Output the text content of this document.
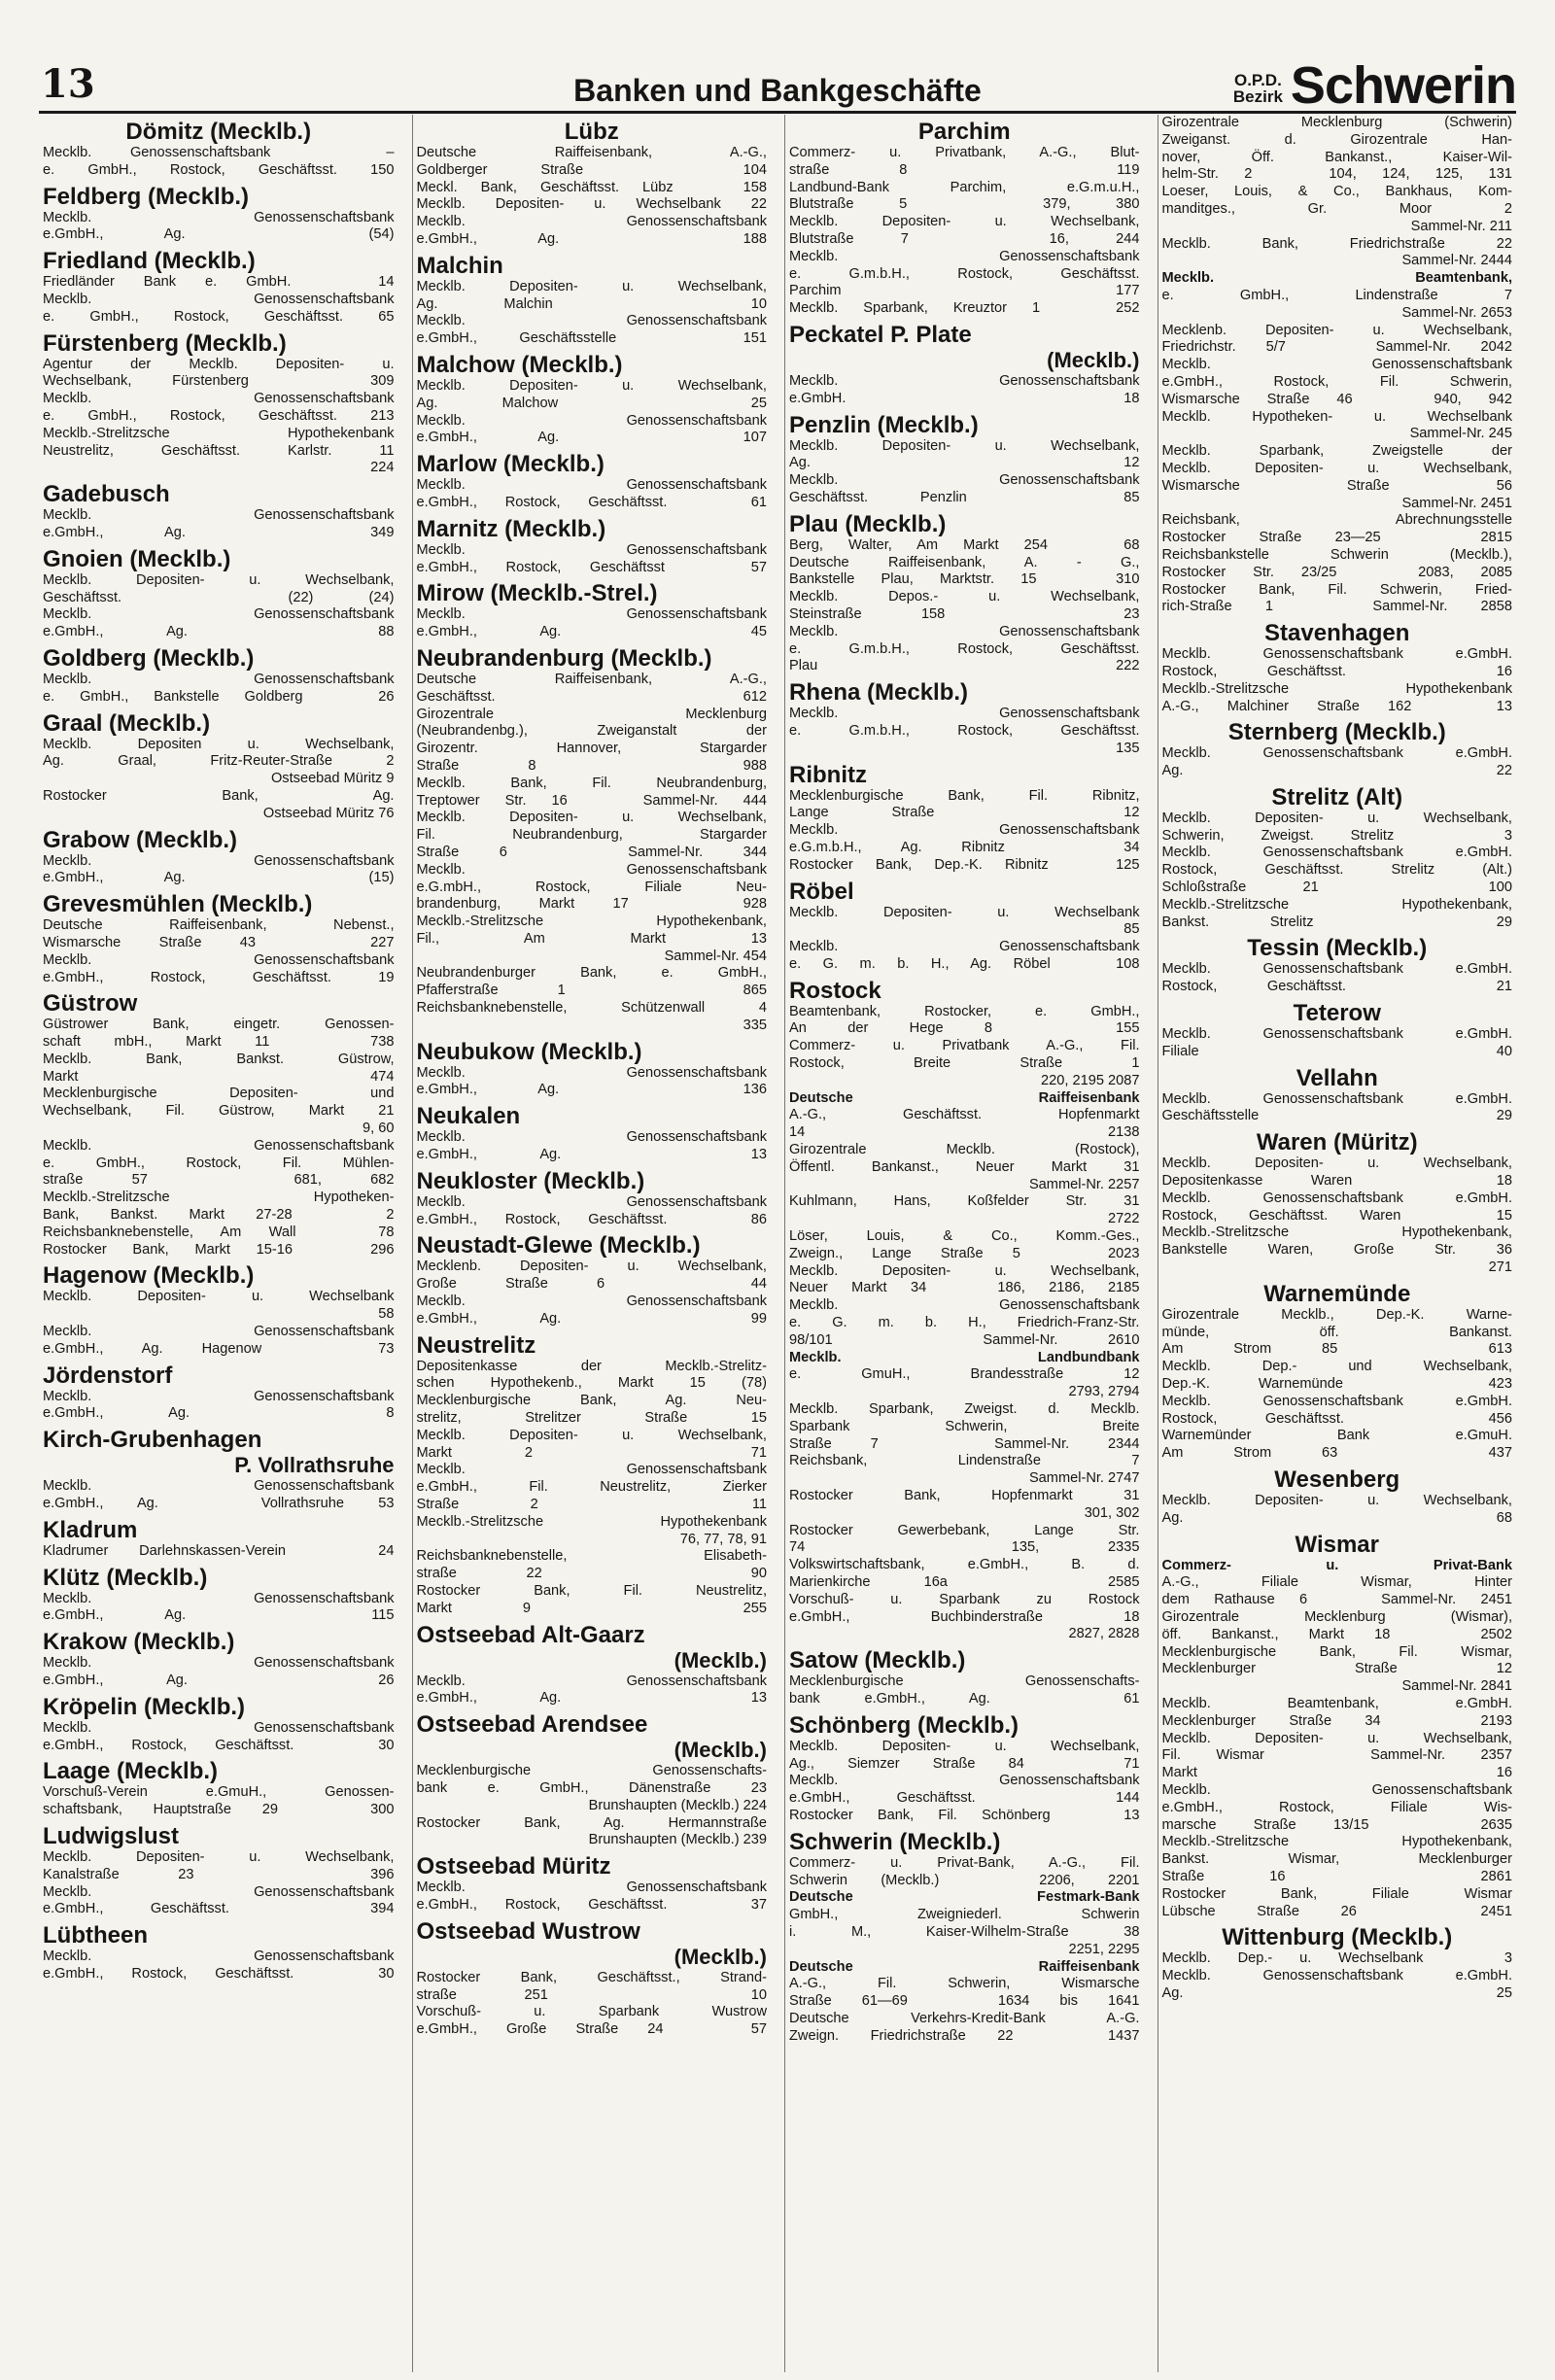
13	Banken und Bankgeschäfte	O.P.D.
Bezirk Schwerin
Dömitz (Mecklb.)
Mecklb. Genossenschaftsbank   –
e. GmbH., Rostock, Geschäftsst. 150
Feldberg (Mecklb.)
Mecklb. Genossenschaftsbank
e.GmbH., Ag.   (54)
Friedland (Mecklb.)
Friedländer Bank e. GmbH.   14
Mecklb. Genossenschaftsbank
e. GmbH., Rostock, Geschäftsst. 65
Fürstenberg (Mecklb.)
Agentur der Mecklb. Depositen- u.
Wechselbank, Fürstenberg   309
Mecklb. Genossenschaftsbank
e. GmbH., Rostock, Geschäftsst. 213
Mecklb.-Strelitzsche Hypothekenbank
Neustrelitz, Geschäftsst. Karlstr. 11
224
Gadebusch
Mecklb. Genossenschaftsbank
e.GmbH., Ag.   349
Gnoien (Mecklb.)
Mecklb. Depositen- u. Wechselbank,
Geschäftsst.   (22) (24)
Mecklb. Genossenschaftsbank
e.GmbH., Ag.   88
Goldberg (Mecklb.)
Mecklb. Genossenschaftsbank
e. GmbH., Bankstelle Goldberg   26
Graal (Mecklb.)
Mecklb. Depositen u. Wechselbank,
Ag. Graal, Fritz-Reuter-Straße 2
Ostseebad Müritz 9
Rostocker Bank, Ag.
Ostseebad Müritz 76
Grabow (Mecklb.)
Mecklb. Genossenschaftsbank
e.GmbH., Ag.   (15)
Grevesmühlen (Mecklb.)
Deutsche Raiffeisenbank, Nebenst.,
Wismarsche Straße 43   227
Mecklb. Genossenschaftsbank
e.GmbH., Rostock, Geschäftsst. 19
Güstrow
Güstrower Bank, eingetr. Genossen-
schaft mbH., Markt 11   738
Mecklb. Bank, Bankst. Güstrow,
Markt   474
Mecklenburgische Depositen- und
Wechselbank, Fil. Güstrow, Markt 21
9, 60
Mecklb. Genossenschaftsbank
e. GmbH., Rostock, Fil. Mühlen-
straße 57   681, 682
Mecklb.-Strelitzsche Hypotheken-
Bank, Bankst. Markt 27-28   2
Reichsbanknebenstelle, Am Wall   78
Rostocker Bank, Markt 15-16   296
Hagenow (Mecklb.)
Mecklb. Depositen- u. Wechselbank
58
Mecklb. Genossenschaftsbank
e.GmbH., Ag. Hagenow   73
Jördenstorf
Mecklb. Genossenschaftsbank
e.GmbH., Ag.   8
Kirch-Grubenhagen
P. Vollrathsruhe
Mecklb. Genossenschaftsbank
e.GmbH., Ag.   Vollrathsruhe 53
Kladrum
Kladrumer Darlehnskassen-Verein   24
Klütz (Mecklb.)
Mecklb. Genossenschaftsbank
e.GmbH., Ag.   115
Krakow (Mecklb.)
Mecklb. Genossenschaftsbank
e.GmbH., Ag.   26
Kröpelin (Mecklb.)
Mecklb. Genossenschaftsbank
e.GmbH., Rostock, Geschäftsst.   30
Laage (Mecklb.)
Vorschuß-Verein e.GmuH., Genossen-
schaftsbank, Hauptstraße 29   300
Ludwigslust
Mecklb. Depositen- u. Wechselbank,
Kanalstraße 23   396
Mecklb. Genossenschaftsbank
e.GmbH., Geschäftsst.   394
Lübtheen
Mecklb. Genossenschaftsbank
e.GmbH., Rostock, Geschäftsst.   30
Lübz
Deutsche Raiffeisenbank, A.-G.,
Goldberger Straße   104
Meckl. Bank, Geschäftsst. Lübz   158
Mecklb. Depositen- u. Wechselbank 22
Mecklb. Genossenschaftsbank
e.GmbH., Ag.   188
Malchin
Mecklb. Depositen- u. Wechselbank,
Ag. Malchin   10
Mecklb. Genossenschaftsbank
e.GmbH., Geschäftsstelle   151
Malchow (Mecklb.)
Mecklb. Depositen- u. Wechselbank,
Ag. Malchow   25
Mecklb. Genossenschaftsbank
e.GmbH., Ag.   107
Marlow (Mecklb.)
Mecklb. Genossenschaftsbank
e.GmbH., Rostock, Geschäftsst.   61
Marnitz (Mecklb.)
Mecklb. Genossenschaftsbank
e.GmbH., Rostock, Geschäftsst   57
Mirow (Mecklb.-Strel.)
Mecklb. Genossenschaftsbank
e.GmbH., Ag.   45
Neubrandenburg (Mecklb.)
Deutsche Raiffeisenbank, A.-G.,
Geschäftsst.   612
Girozentrale Mecklenburg
(Neubrandenbg.), Zweiganstalt der
Girozentr. Hannover, Stargarder
Straße 8   988
Mecklb. Bank, Fil. Neubrandenburg,
Treptower Str. 16   Sammel-Nr. 444
Mecklb. Depositen- u. Wechselbank,
Fil. Neubrandenburg, Stargarder
Straße 6   Sammel-Nr. 344
Mecklb. Genossenschaftsbank
e.G.mbH., Rostock, Filiale Neu-
brandenburg, Markt 17   928
Mecklb.-Strelitzsche Hypothekenbank,
Fil., Am Markt 13
Sammel-Nr. 454
Neubrandenburger Bank, e. GmbH.,
Pfafferstraße 1   865
Reichsbanknebenstelle, Schützenwall 4
335
Neubukow (Mecklb.)
Mecklb. Genossenschaftsbank
e.GmbH., Ag.   136
Neukalen
Mecklb. Genossenschaftsbank
e.GmbH., Ag.   13
Neukloster (Mecklb.)
Mecklb. Genossenschaftsbank
e.GmbH., Rostock, Geschäftsst.   86
Neustadt-Glewe (Mecklb.)
Mecklenb. Depositen- u. Wechselbank,
Große Straße 6   44
Mecklb. Genossenschaftsbank
e.GmbH., Ag.   99
Neustrelitz
Depositenkasse der Mecklb.-Strelitz-
schen Hypothekenb., Markt 15 (78)
Mecklenburgische Bank, Ag. Neu-
strelitz, Strelitzer Straße 15
Mecklb. Depositen- u. Wechselbank,
Markt 2   71
Mecklb. Genossenschaftsbank
e.GmbH., Fil. Neustrelitz, Zierker
Straße 2   11
Mecklb.-Strelitzsche Hypothekenbank
76, 77, 78, 91
Reichsbanknebenstelle, Elisabeth-
straße 22   90
Rostocker Bank, Fil. Neustrelitz,
Markt 9   255
Ostseebad Alt-Gaarz
(Mecklb.)
Mecklb. Genossenschaftsbank
e.GmbH., Ag.   13
Ostseebad Arendsee
(Mecklb.)
Mecklenburgische Genossenschafts-
bank e. GmbH., Dänenstraße 23
Brunshaupten (Mecklb.) 224
Rostocker Bank, Ag. Hermannstraße
Brunshaupten (Mecklb.) 239
Ostseebad Müritz
Mecklb. Genossenschaftsbank
e.GmbH., Rostock, Geschäftsst.   37
Ostseebad Wustrow
(Mecklb.)
Rostocker Bank, Geschäftsst., Strand-
straße 251   10
Vorschuß- u. Sparbank Wustrow
e.GmbH., Große Straße 24   57
Parchim
Commerz- u. Privatbank, A.-G., Blut-
straße 8   119
Landbund-Bank Parchim, e.G.m.u.H.,
Blutstraße 5   379, 380
Mecklb. Depositen- u. Wechselbank,
Blutstraße 7   16, 244
Mecklb. Genossenschaftsbank
e. G.m.b.H., Rostock, Geschäftsst.
Parchim   177
Mecklb. Sparbank, Kreuztor 1   252
Peckatel P. Plate
(Mecklb.)
Mecklb. Genossenschaftsbank
e.GmbH.   18
Penzlin (Mecklb.)
Mecklb. Depositen- u. Wechselbank,
Ag.   12
Mecklb. Genossenschaftsbank
Geschäftsst. Penzlin   85
Plau (Mecklb.)
Berg, Walter, Am Markt 254   68
Deutsche Raiffeisenbank, A. - G.,
Bankstelle Plau, Marktstr. 15   310
Mecklb. Depos.- u. Wechselbank,
Steinstraße 158   23
Mecklb. Genossenschaftsbank
e. G.m.b.H., Rostock, Geschäftsst.
Plau   222
Rhena (Mecklb.)
Mecklb. Genossenschaftsbank
e. G.m.b.H., Rostock, Geschäftsst.
135
Ribnitz
Mecklenburgische Bank, Fil. Ribnitz,
Lange Straße   12
Mecklb. Genossenschaftsbank
e.G.m.b.H., Ag. Ribnitz   34
Rostocker Bank, Dep.-K. Ribnitz   125
Röbel
Mecklb. Depositen- u. Wechselbank
85
Mecklb. Genossenschaftsbank
e. G. m. b. H., Ag. Röbel   108
Rostock
Beamtenbank, Rostocker, e. GmbH.,
An der Hege 8   155
Commerz- u. Privatbank A.-G., Fil.
Rostock, Breite Straße 1
220, 2195 2087
Deutsche Raiffeisenbank
A.-G., Geschäftsst. Hopfenmarkt
14   2138
Girozentrale Mecklb. (Rostock),
Öffentl. Bankanst., Neuer Markt 31
Sammel-Nr. 2257
Kuhlmann, Hans, Koßfelder Str. 31
2722
Löser, Louis, & Co., Komm.-Ges.,
Zweign., Lange Straße 5   2023
Mecklb. Depositen- u. Wechselbank,
Neuer Markt 34   186, 2186, 2185
Mecklb. Genossenschaftsbank
e. G. m. b. H., Friedrich-Franz-Str.
98/101   Sammel-Nr. 2610
Mecklb. Landbundbank
e. GmuH., Brandesstraße 12
2793, 2794
Mecklb. Sparbank, Zweigst. d. Mecklb.
Sparbank Schwerin, Breite
Straße 7   Sammel-Nr. 2344
Reichsbank, Lindenstraße 7
Sammel-Nr. 2747
Rostocker Bank, Hopfenmarkt 31
301, 302
Rostocker Gewerbebank, Lange Str.
74   135, 2335
Volkswirtschaftsbank, e.GmbH., B. d.
Marienkirche 16a   2585
Vorschuß- u. Sparbank zu Rostock
e.GmbH., Buchbinderstraße 18
2827, 2828
Satow (Mecklb.)
Mecklenburgische Genossenschafts-
bank e.GmbH., Ag.   61
Schönberg (Mecklb.)
Mecklb. Depositen- u. Wechselbank,
Ag., Siemzer Straße 84   71
Mecklb. Genossenschaftsbank
e.GmbH., Geschäftsst.   144
Rostocker Bank, Fil. Schönberg   13
Schwerin (Mecklb.)
Commerz- u. Privat-Bank, A.-G., Fil.
Schwerin (Mecklb.)   2206, 2201
Deutsche Festmark-Bank
GmbH., Zweigniederl. Schwerin
i. M., Kaiser-Wilhelm-Straße 38
2251, 2295
Deutsche Raiffeisenbank
A.-G., Fil. Schwerin, Wismarsche
Straße 61—69   1634 bis 1641
Deutsche Verkehrs-Kredit-Bank A.-G.
Zweign. Friedrichstraße 22   1437
Girozentrale Mecklenburg (Schwerin)
Zweiganst. d. Girozentrale Han-
nover, Öff. Bankanst., Kaiser-Wil-
helm-Str. 2   104, 124, 125, 131
Loeser, Louis, & Co., Bankhaus, Kom-
manditges., Gr. Moor 2
Sammel-Nr. 211
Mecklb. Bank, Friedrichstraße 22
Sammel-Nr. 2444
Mecklb. Beamtenbank,
e. GmbH., Lindenstraße 7
Sammel-Nr. 2653
Mecklenb. Depositen- u. Wechselbank,
Friedrichstr. 5/7   Sammel-Nr. 2042
Mecklb. Genossenschaftsbank
e.GmbH., Rostock, Fil. Schwerin,
Wismarsche Straße 46   940, 942
Mecklb. Hypotheken- u. Wechselbank
Sammel-Nr. 245
Mecklb. Sparbank, Zweigstelle der
Mecklb. Depositen- u. Wechselbank,
Wismarsche Straße 56
Sammel-Nr. 2451
Reichsbank, Abrechnungsstelle
Rostocker Straße 23—25   2815
Reichsbankstelle Schwerin (Mecklb.),
Rostocker Str. 23/25   2083, 2085
Rostocker Bank, Fil. Schwerin, Fried-
rich-Straße 1   Sammel-Nr. 2858
Stavenhagen
Mecklb. Genossenschaftsbank e.GmbH.
Rostock, Geschäftsst.   16
Mecklb.-Strelitzsche Hypothekenbank
A.-G., Malchiner Straße 162   13
Sternberg (Mecklb.)
Mecklb. Genossenschaftsbank e.GmbH.
Ag.   22
Strelitz (Alt)
Mecklb. Depositen- u. Wechselbank,
Schwerin, Zweigst. Strelitz   3
Mecklb. Genossenschaftsbank e.GmbH.
Rostock, Geschäftsst. Strelitz (Alt.)
Schloßstraße 21   100
Mecklb.-Strelitzsche Hypothekenbank,
Bankst. Strelitz   29
Tessin (Mecklb.)
Mecklb. Genossenschaftsbank e.GmbH.
Rostock, Geschäftsst.   21
Teterow
Mecklb. Genossenschaftsbank e.GmbH.
Filiale   40
Vellahn
Mecklb. Genossenschaftsbank e.GmbH.
Geschäftsstelle   29
Waren (Müritz)
Mecklb. Depositen- u. Wechselbank,
Depositenkasse Waren   18
Mecklb. Genossenschaftsbank e.GmbH.
Rostock, Geschäftsst. Waren   15
Mecklb.-Strelitzsche Hypothekenbank,
Bankstelle Waren, Große Str. 36
271
Warnemünde
Girozentrale Mecklb., Dep.-K. Warne-
münde, öff. Bankanst.
Am Strom 85   613
Mecklb. Dep.- und Wechselbank,
Dep.-K. Warnemünde   423
Mecklb. Genossenschaftsbank e.GmbH.
Rostock, Geschäftsst.   456
Warnemünder Bank e.GmuH.
Am Strom 63   437
Wesenberg
Mecklb. Depositen- u. Wechselbank,
Ag.   68
Wismar
Commerz- u. Privat-Bank
A.-G., Filiale Wismar, Hinter
dem Rathause 6   Sammel-Nr. 2451
Girozentrale Mecklenburg (Wismar),
öff. Bankanst., Markt 18   2502
Mecklenburgische Bank, Fil. Wismar,
Mecklenburger Straße 12
Sammel-Nr. 2841
Mecklb. Beamtenbank, e.GmbH.
Mecklenburger Straße 34   2193
Mecklb. Depositen- u. Wechselbank,
Fil. Wismar   Sammel-Nr. 2357
Markt 16
Mecklb. Genossenschaftsbank
e.GmbH., Rostock, Filiale Wis-
marsche Straße 13/15   2635
Mecklb.-Strelitzsche Hypothekenbank,
Bankst. Wismar, Mecklenburger
Straße 16   2861
Rostocker Bank, Filiale Wismar
Lübsche Straße 26   2451
Wittenburg (Mecklb.)
Mecklb. Dep.- u. Wechselbank   3
Mecklb. Genossenschaftsbank e.GmbH.
Ag.   25
